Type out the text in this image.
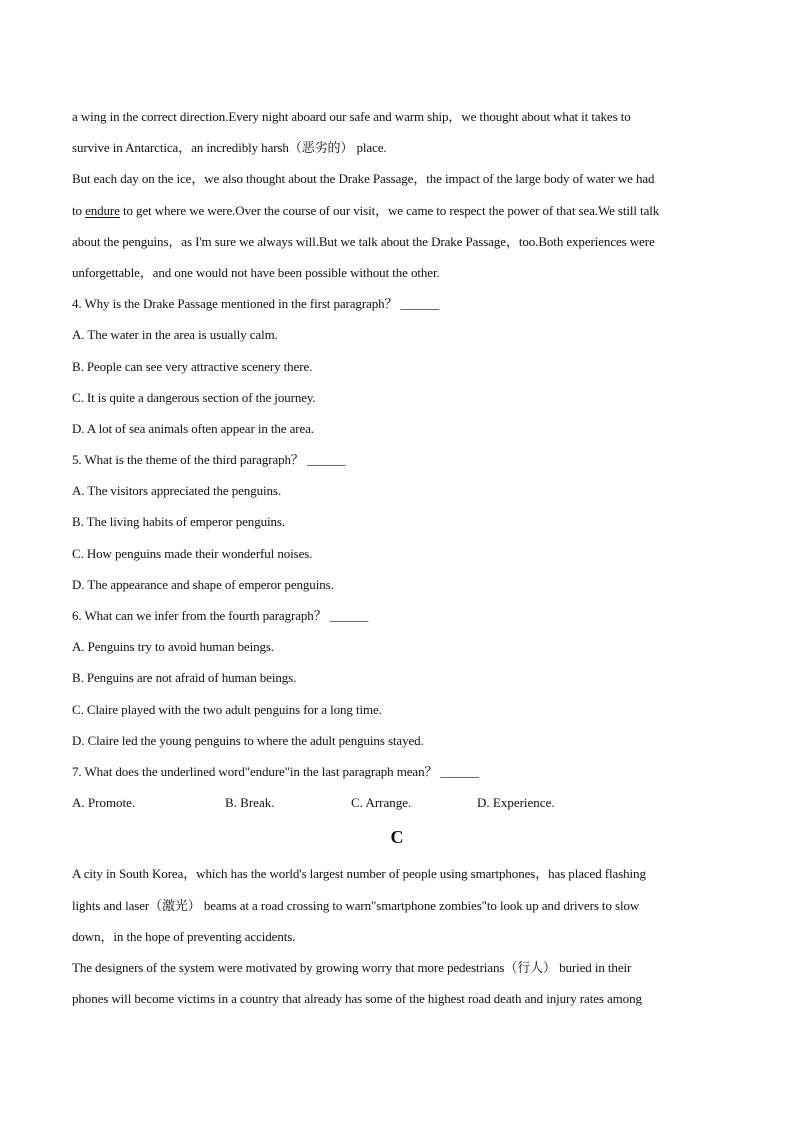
a wing in the correct direction.Every night aboard our safe and warm ship，we thought about what it takes to
survive in Antarctica，an incredibly harsh（恶劣的） place.
But each day on the ice，we also thought about the Drake Passage，the impact of the large body of water we had
to endure to get where we were.Over the course of our visit，we came to respect the power of that sea.We still talk
about the penguins，as I'm sure we always will.But we talk about the Drake Passage，too.Both experiences were
unforgettable，and one would not have been possible without the other.
4. Why is the Drake Passage mentioned in the first paragraph？ ______
A. The water in the area is usually calm.
B. People can see very attractive scenery there.
C. It is quite a dangerous section of the journey.
D. A lot of sea animals often appear in the area.
5. What is the theme of the third paragraph？ ______
A. The visitors appreciated the penguins.
B. The living habits of emperor penguins.
C. How penguins made their wonderful noises.
D. The appearance and shape of emperor penguins.
6. What can we infer from the fourth paragraph？ ______
A. Penguins try to avoid human beings.
B. Penguins are not afraid of human beings.
C. Claire played with the two adult penguins for a long time.
D. Claire led the young penguins to where the adult penguins stayed.
7. What does the underlined word"endure"in the last paragraph mean？ ______
A. Promote.	B. Break.	C. Arrange.	D. Experience.
C
A city in South Korea，which has the world's largest number of people using smartphones，has placed flashing
lights and laser（激光） beams at a road crossing to warn"smartphone zombies"to look up and drivers to slow
down，in the hope of preventing accidents.
The designers of the system were motivated by growing worry that more pedestrians（行人） buried in their
phones will become victims in a country that already has some of the highest road death and injury rates among
